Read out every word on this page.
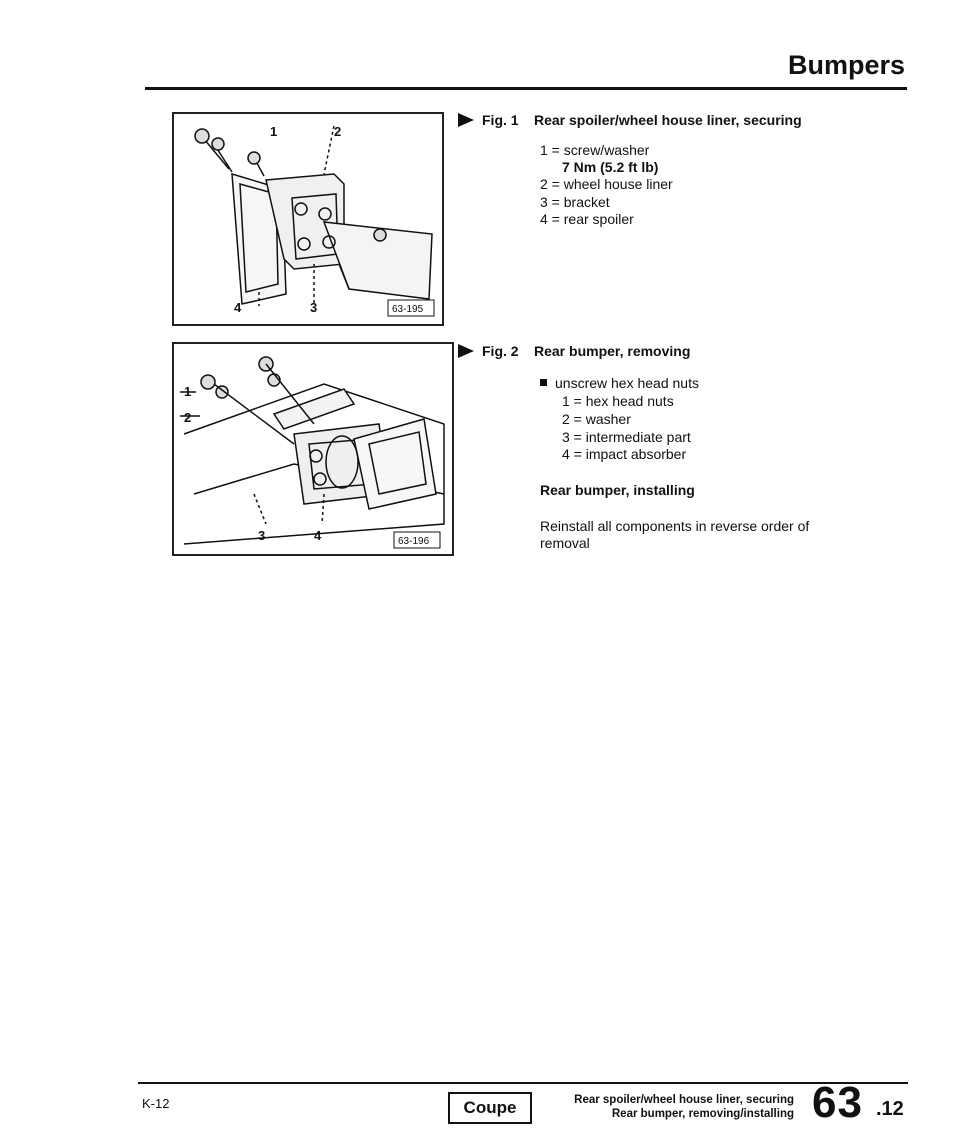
Bumpers
1	2
3
4	63-195
1
2
3	4	63-196
Fig. 1 Rear spoiler/wheel house liner, securing
1 = screw/washer
7 Nm (5.2 ft lb)
2 = wheel house liner
3 = bracket
4 = rear spoiler
Fig. 2 Rear bumper, removing
unscrew hex head nuts
1 = hex head nuts
2 = washer
3 = intermediate part
4 = impact absorber
Rear bumper, installing
Reinstall all components in reverse order of
removal
K-12	Coupe	Rear spoiler/wheel house liner, securing
Rear bumper, removing/installing 63 .12
